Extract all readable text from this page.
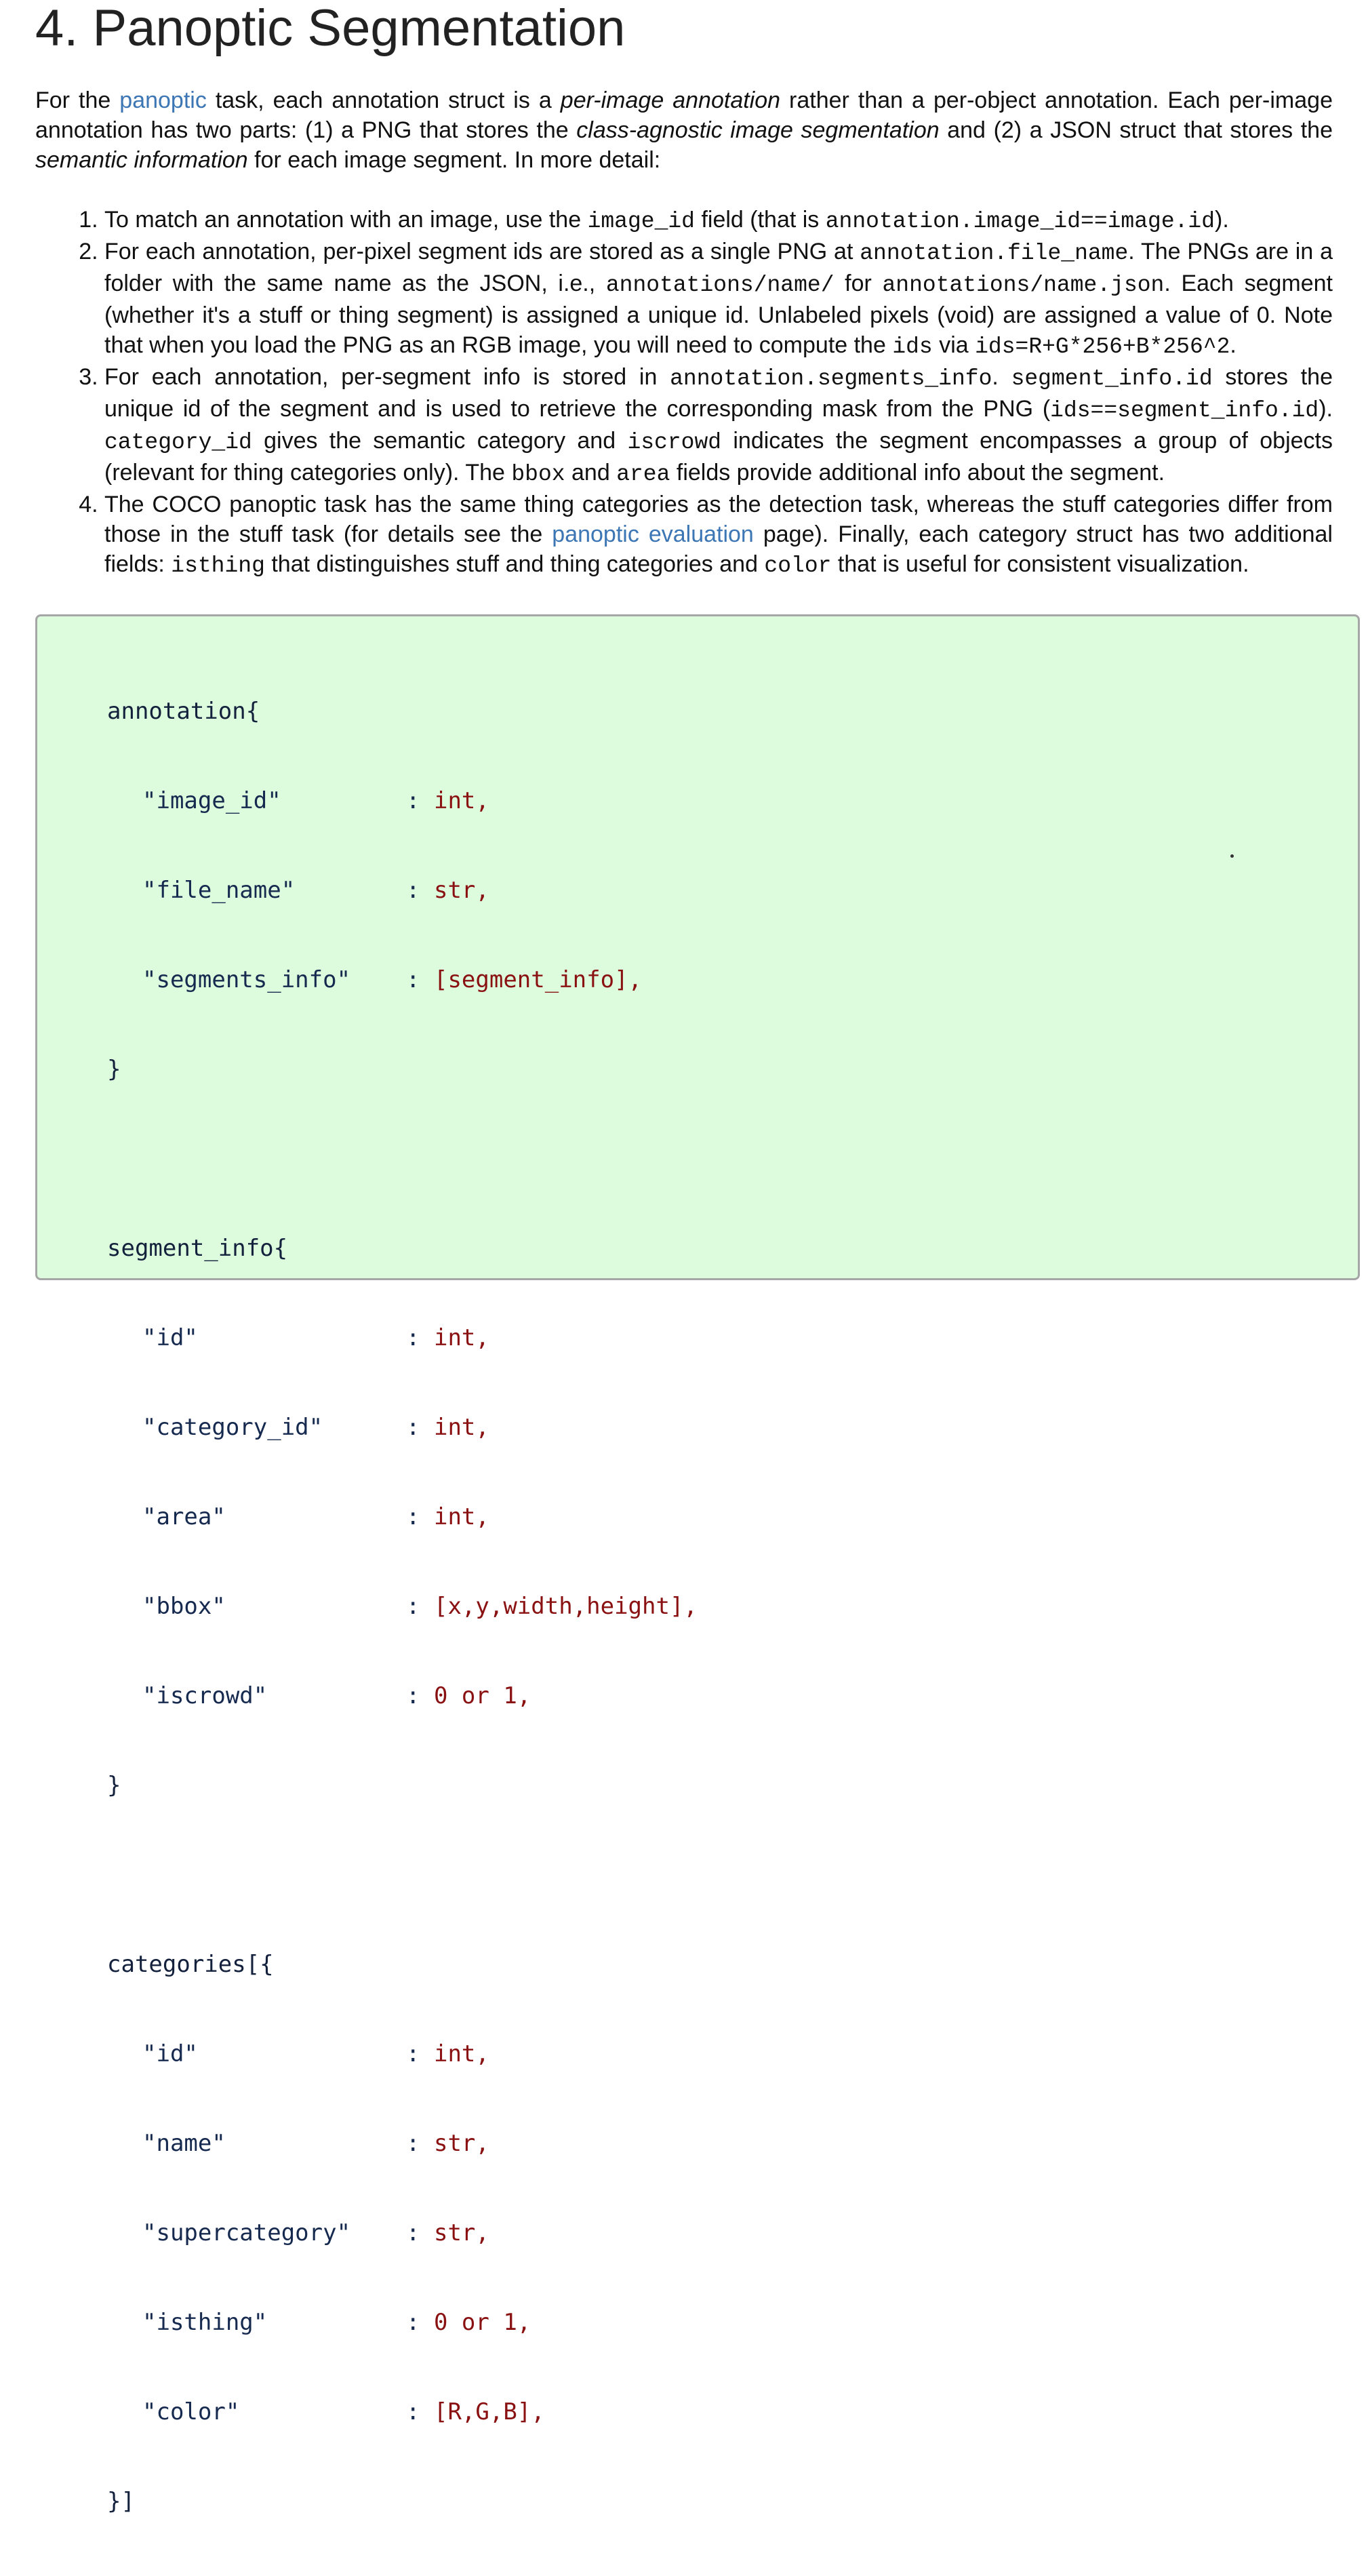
4. Panoptic Segmentation

For the panoptic task, each annotation struct is a per-image annotation rather than a per-object annotation. Each per-image annotation has two parts: (1) a PNG that stores the class-agnostic image segmentation and (2) a JSON struct that stores the semantic information for each image segment. In more detail:

1. To match an annotation with an image, use the image_id field (that is annotation.image_id==image.id).
2. For each annotation, per-pixel segment ids are stored as a single PNG at annotation.file_name. The PNGs are in a folder with the same name as the JSON, i.e., annotations/name/ for annotations/name.json. Each segment (whether it's a stuff or thing segment) is assigned a unique id. Unlabeled pixels (void) are assigned a value of 0. Note that when you load the PNG as an RGB image, you will need to compute the ids via ids=R+G*256+B*256^2.
3. For each annotation, per-segment info is stored in annotation.segments_info. segment_info.id stores the unique id of the segment and is used to retrieve the corresponding mask from the PNG (ids==segment_info.id). category_id gives the semantic category and iscrowd indicates the segment encompasses a group of objects (relevant for thing categories only). The bbox and area fields provide additional info about the segment.
4. The COCO panoptic task has the same thing categories as the detection task, whereas the stuff categories differ from those in the stuff task (for details see the panoptic evaluation page). Finally, each category struct has two additional fields: isthing that distinguishes stuff and thing categories and color that is useful for consistent visualization.

annotation{

"image_id"	: int,

"file_name"	: str,

"segments_info" : [segment_info],

}

segment_info{

"id"	: int,

"category_id"	: int,

"area"	: int,

"bbox"	: [x,y,width,height],

"iscrowd"	: 0 or 1,

}

categories[{

"id"	: int,

"name"	: str,

"supercategory" : str,

"isthing"	: 0 or 1,

"color"	: [R,G,B],

}]
